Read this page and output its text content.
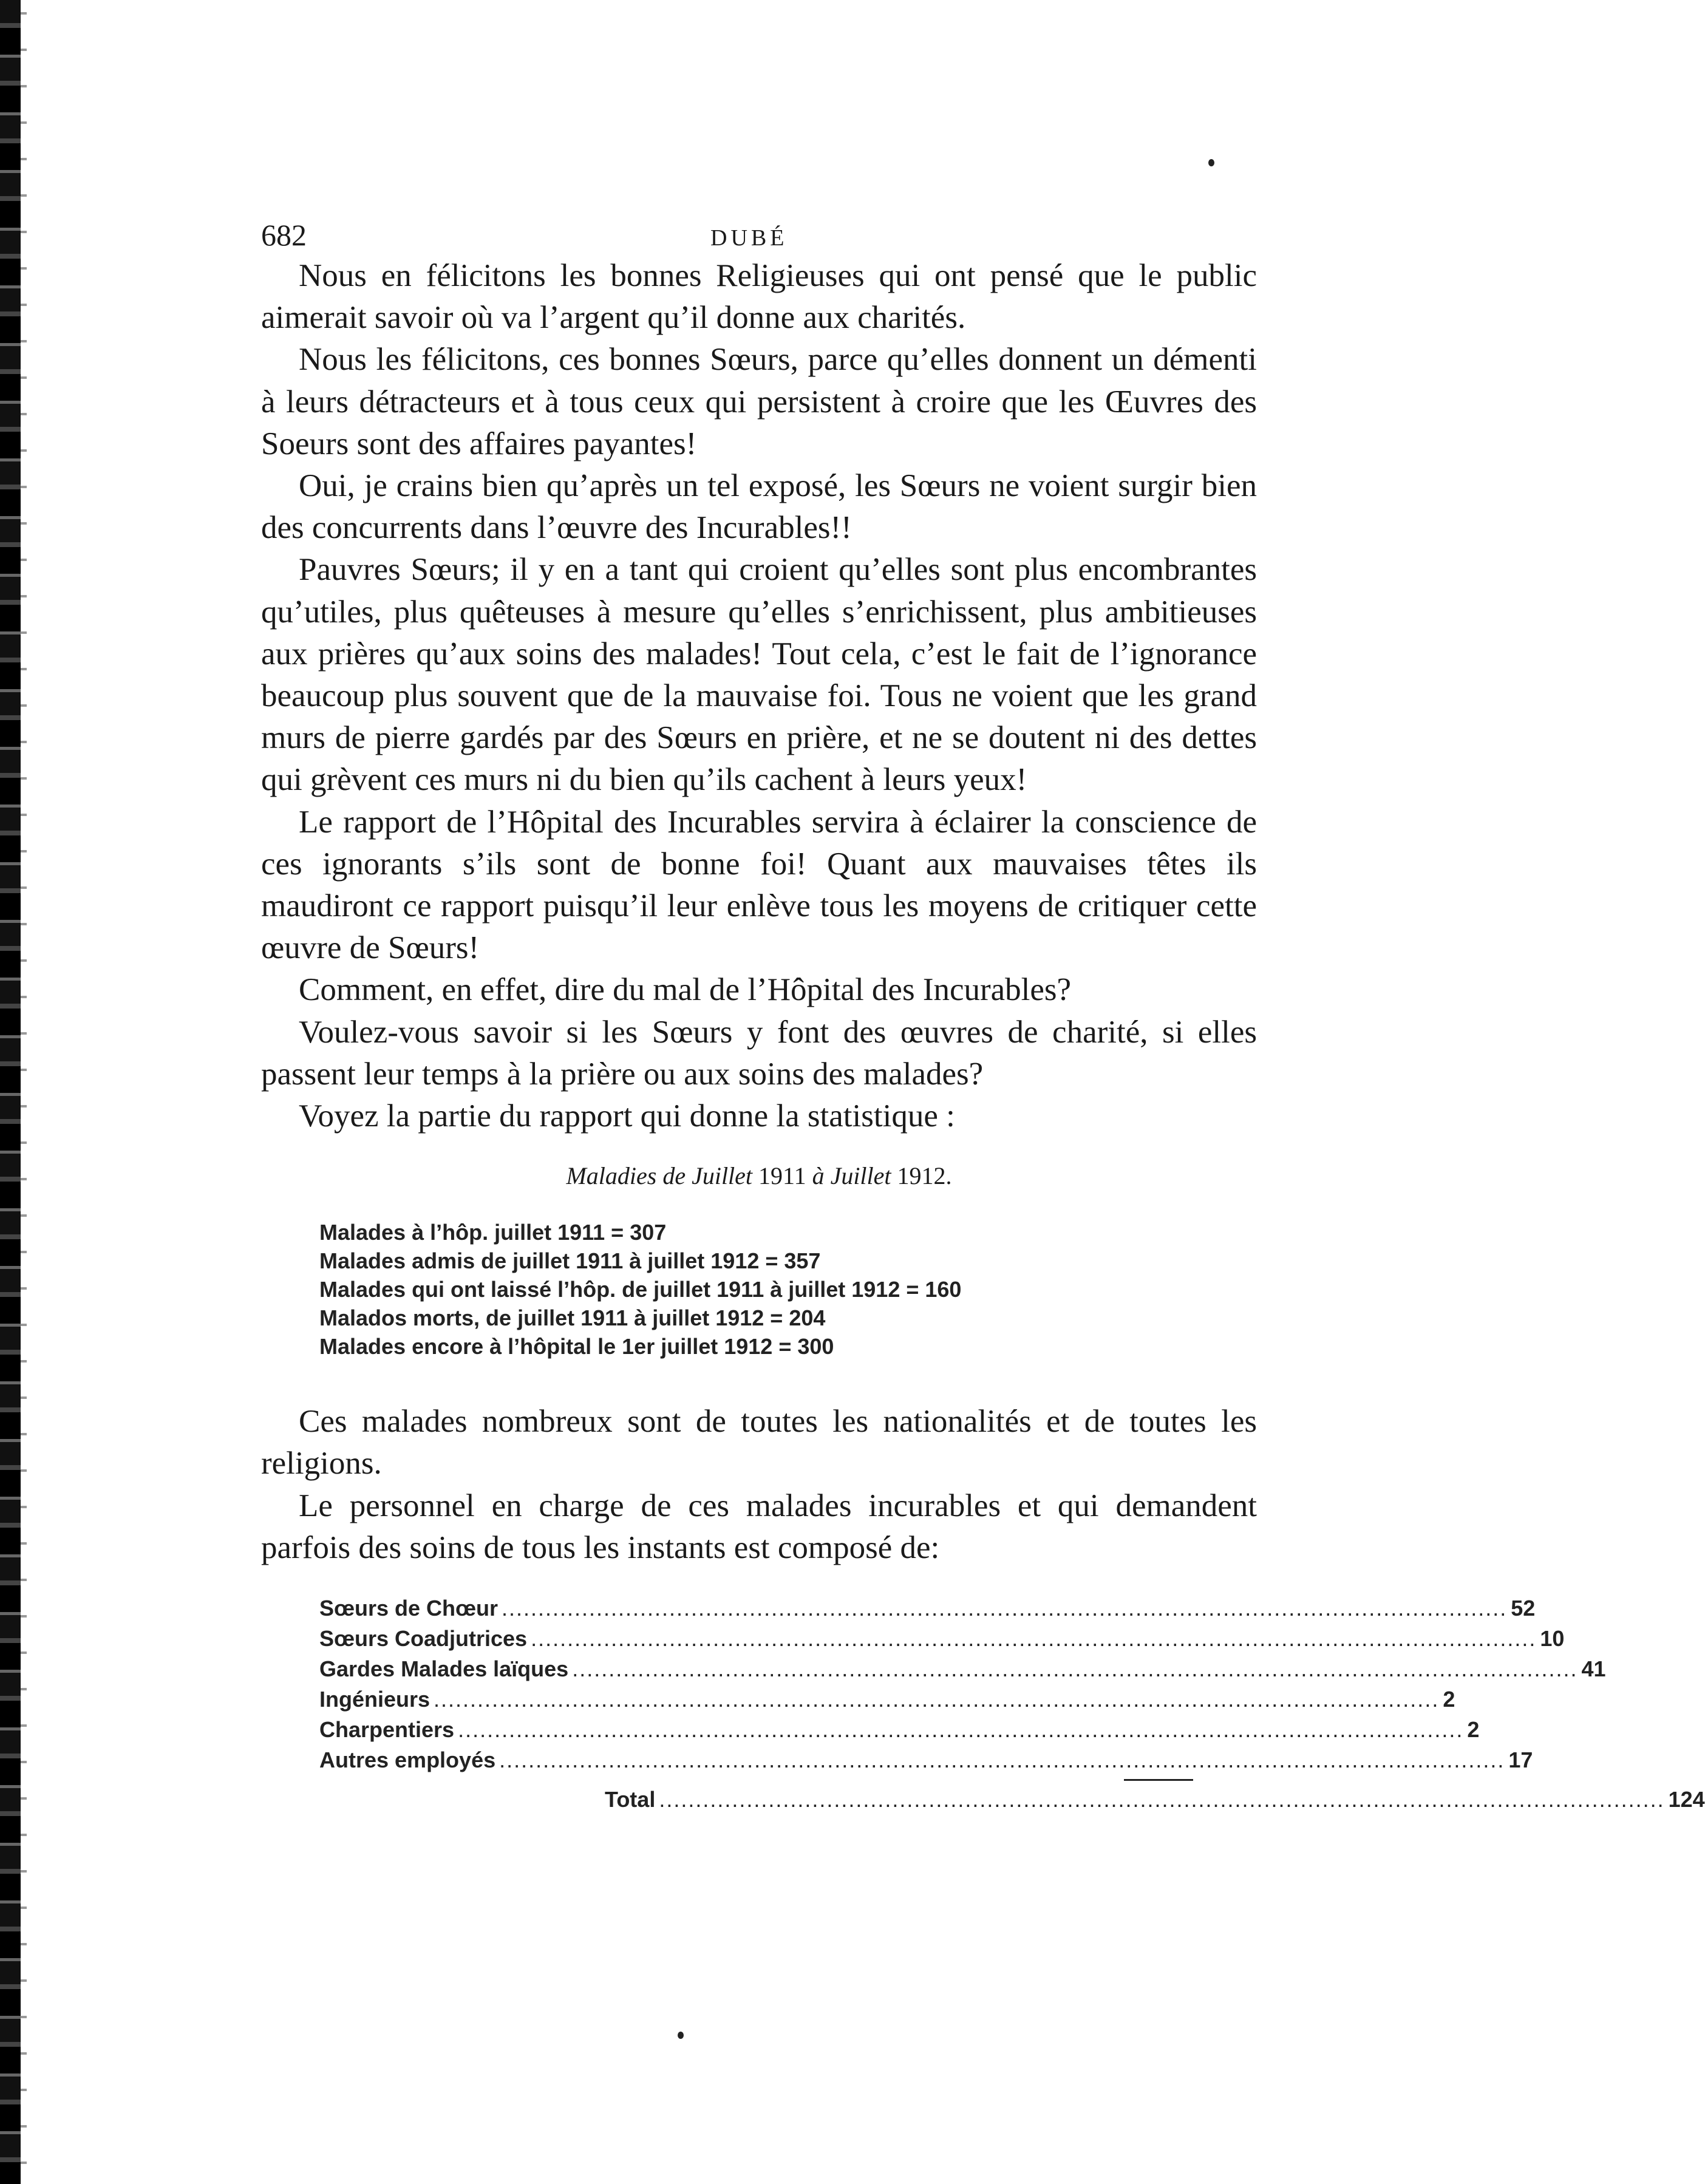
682	DUBÉ

Nous en félicitons les bonnes Religieuses qui ont pensé que le public aimerait savoir où va l’argent qu’il donne aux charités.

Nous les félicitons, ces bonnes Sœurs, parce qu’elles donnent un démenti à leurs détracteurs et à tous ceux qui persistent à croire que les Œuvres des Soeurs sont des affaires payantes!

Oui, je crains bien qu’après un tel exposé, les Sœurs ne voient surgir bien des concurrents dans l’œuvre des Incurables!!

Pauvres Sœurs; il y en a tant qui croient qu’elles sont plus encombrantes qu’utiles, plus quêteuses à mesure qu’elles s’enrichissent, plus ambitieuses aux prières qu’aux soins des malades! Tout cela, c’est le fait de l’ignorance beaucoup plus souvent que de la mauvaise foi. Tous ne voient que les grand murs de pierre gardés par des Sœurs en prière, et ne se doutent ni des dettes qui grèvent ces murs ni du bien qu’ils cachent à leurs yeux!

Le rapport de l’Hôpital des Incurables servira à éclairer la conscience de ces ignorants s’ils sont de bonne foi! Quant aux mauvaises têtes ils maudiront ce rapport puisqu’il leur enlève tous les moyens de critiquer cette œuvre de Sœurs!

Comment, en effet, dire du mal de l’Hôpital des Incurables?

Voulez-vous savoir si les Sœurs y font des œuvres de charité, si elles passent leur temps à la prière ou aux soins des malades?

Voyez la partie du rapport qui donne la statistique :

Maladies de Juillet 1911 à Juillet 1912.
Malades à l’hôp. juillet 1911 = 307
Malades admis de juillet 1911 à juillet 1912 = 357
Malades qui ont laissé l’hôp. de juillet 1911 à juillet 1912 = 160
Malados morts, de juillet 1911 à juillet 1912 = 204
Malades encore à l’hôpital le 1er juillet 1912 = 300

Ces malades nombreux sont de toutes les nationalités et de toutes les religions.

Le personnel en charge de ces malades incurables et qui demandent parfois des soins de tous les instants est composé de:

Sœurs de Chœur .......................................................................................................................................... 52
Sœurs Coadjutrices .......................................................................................................................................... 10
Gardes Malades laïques .......................................................................................................................................... 41
Ingénieurs .......................................................................................................................................... 2
Charpentiers .......................................................................................................................................... 2
Autres employés .......................................................................................................................................... 17
Total .......................................................................................................................................... 124
